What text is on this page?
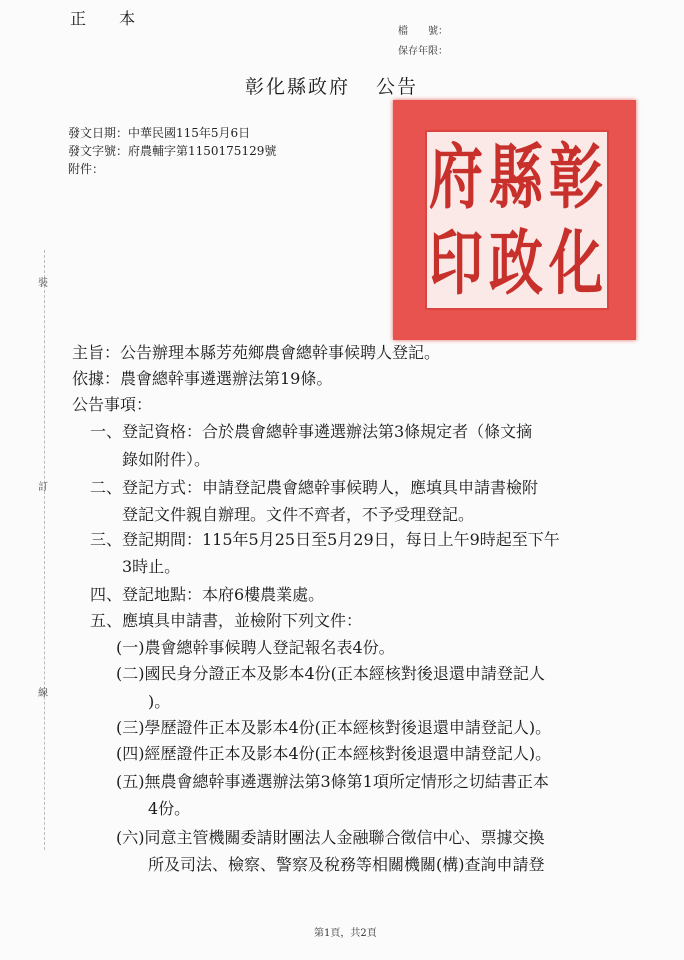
正 本
檔　　號：
保存年限：
彰化縣政府 公告
發文日期：中華民國115年5月6日
發文字號：府農輔字第1150175129號
附件：
裝
訂
線
彰
縣
府
化
政
印
主旨：公告辦理本縣芳苑鄉農會總幹事候聘人登記。
依據：農會總幹事遴選辦法第19條。
公告事項：
一、登記資格：合於農會總幹事遴選辦法第3條規定者（條文摘
錄如附件）。
二、登記方式：申請登記農會總幹事候聘人，應填具申請書檢附
登記文件親自辦理。文件不齊者，不予受理登記。
三、登記期間：115年5月25日至5月29日，每日上午9時起至下午
3時止。
四、登記地點：本府6樓農業處。
五、應填具申請書，並檢附下列文件：
(一)農會總幹事候聘人登記報名表4份。
(二)國民身分證正本及影本4份(正本經核對後退還申請登記人
)。
(三)學歷證件正本及影本4份(正本經核對後退還申請登記人)。
(四)經歷證件正本及影本4份(正本經核對後退還申請登記人)。
(五)無農會總幹事遴選辦法第3條第1項所定情形之切結書正本
4份。
(六)同意主管機關委請財團法人金融聯合徵信中心、票據交換
所及司法、檢察、警察及稅務等相關機關(構)查詢申請登
第1頁，共2頁
